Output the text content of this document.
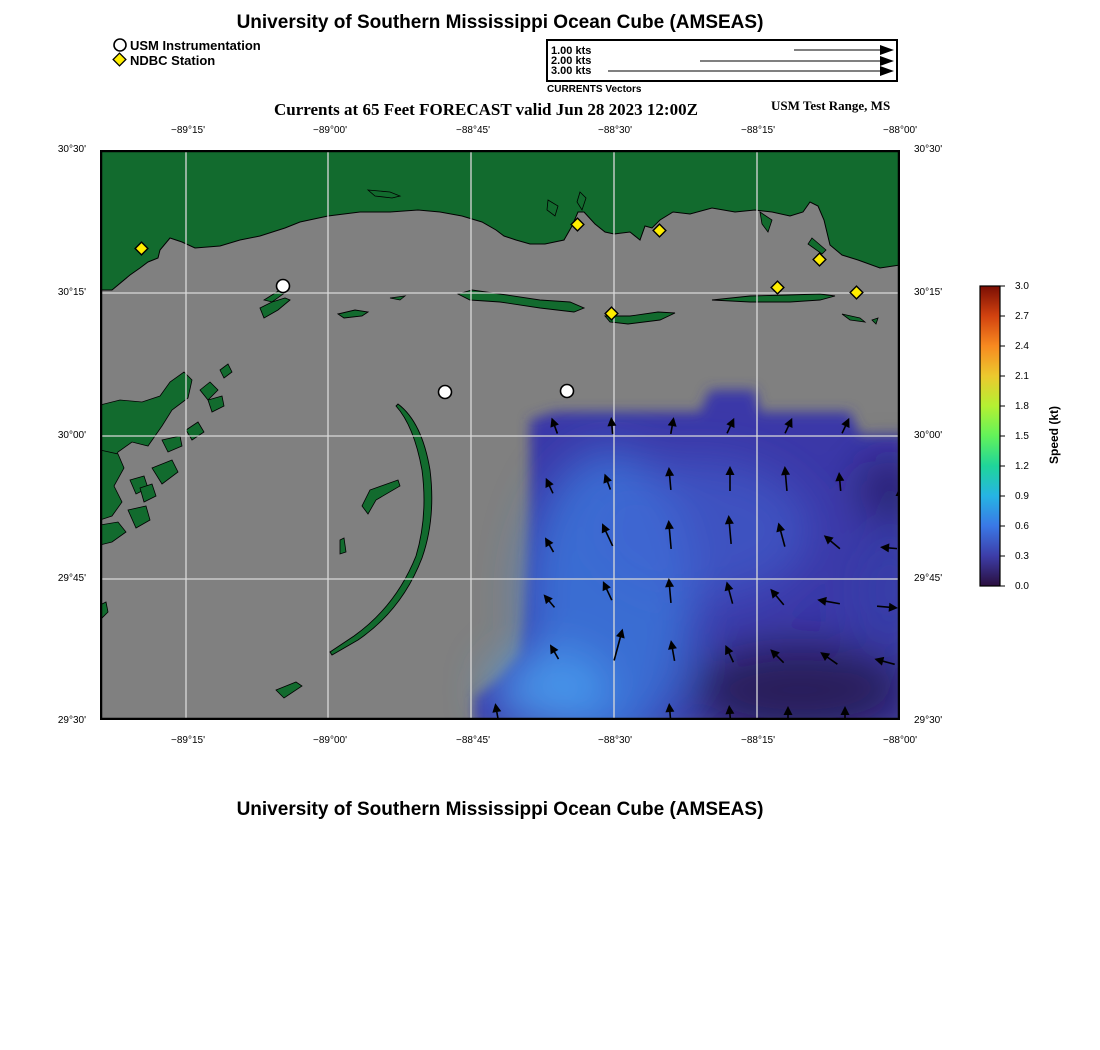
University of Southern Mississippi Ocean Cube (AMSEAS)
USM Instrumentation
NDBC Station
1.00 kts
2.00 kts
3.00 kts
CURRENTS Vectors
Currents at 65 Feet FORECAST valid Jun 28 2023 12:00Z	USM Test Range, MS
−89°15'	−89°00'	−88°45'	−88°30'	−88°15'	−88°00'
−89°15'	−89°00'	−88°45'	−88°30'	−88°15'	−88°00'
30°30'
30°15'
30°00'
29°45'
29°30'
30°30'
30°15'
30°00'
29°45'
29°30'
3.0
2.7
2.4
2.1
1.8
1.5
1.2
0.9
0.6
0.3
0.0
Speed (kt)
University of Southern Mississippi Ocean Cube (AMSEAS)
